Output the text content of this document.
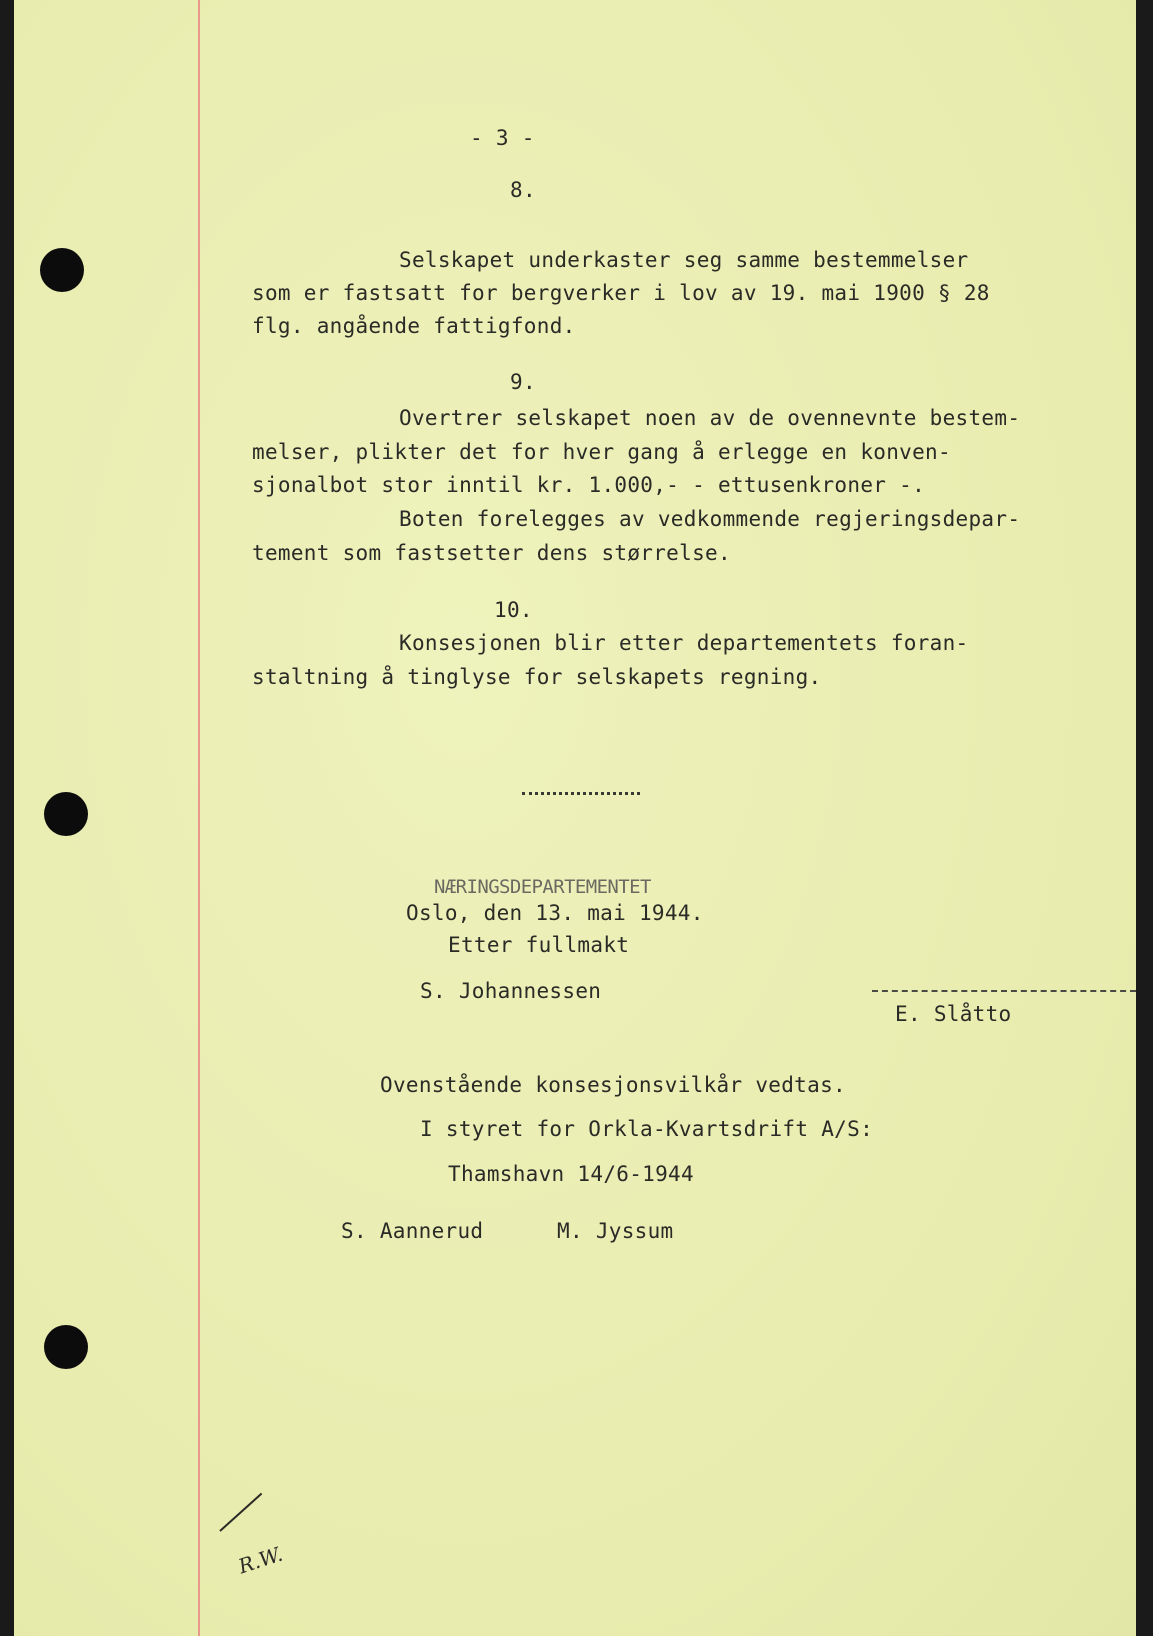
- 3 -
8.
Selskapet underkaster seg samme bestemmelser
som er fastsatt for bergverker i lov av 19. mai 1900 § 28
flg. angående fattigfond.
9.
Overtrer selskapet noen av de ovennevnte bestem-
melser, plikter det for hver gang å erlegge en konven-
sjonalbot stor inntil kr. 1.000,- - ettusenkroner -.
Boten forelegges av vedkommende regjeringsdepar-
tement som fastsetter dens størrelse.
10.
Konsesjonen blir etter departementets foran-
staltning å tinglyse for selskapets regning.
NÆRINGSDEPARTEMENTET
Oslo, den 13. mai 1944.
Etter fullmakt
S. Johannessen
E. Slåtto
Ovenstående konsesjonsvilkår vedtas.
I styret for Orkla-Kvartsdrift A/S:
Thamshavn 14/6-1944
S. Aannerud	M. Jyssum
R.W.
